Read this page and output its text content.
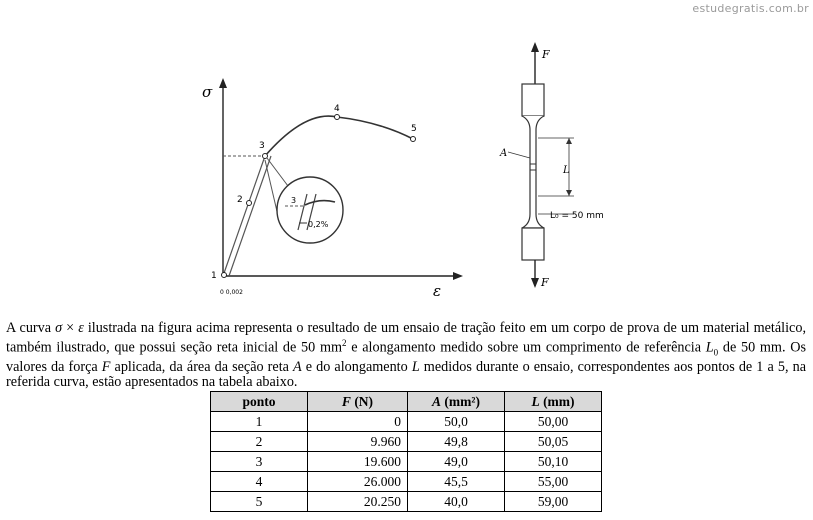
estudegratis.com.br
σ
ε
1
2
3
4
5
0 0,002
3
0,2%
F
F
A
L
L₀ = 50 mm
A curva σ × ε ilustrada na figura acima representa o resultado de um ensaio de tração feito em um corpo de prova de um material metálico, também ilustrado, que possui seção reta inicial de 50 $mm^2$ e alongamento medido sobre um comprimento de referência $L_0$ de 50 mm. Os valores da força F aplicada, da área da seção reta A e do alongamento L medidos durante o ensaio, correspondentes aos pontos de 1 a 5, na referida curva, estão apresentados na tabela abaixo.
ponto	F (N)	A (mm²)	L (mm)
1	0	50,0	50,00
2	9.960	49,8	50,05
3	19.600	49,0	50,10
4	26.000	45,5	55,00
5	20.250	40,0	59,00
